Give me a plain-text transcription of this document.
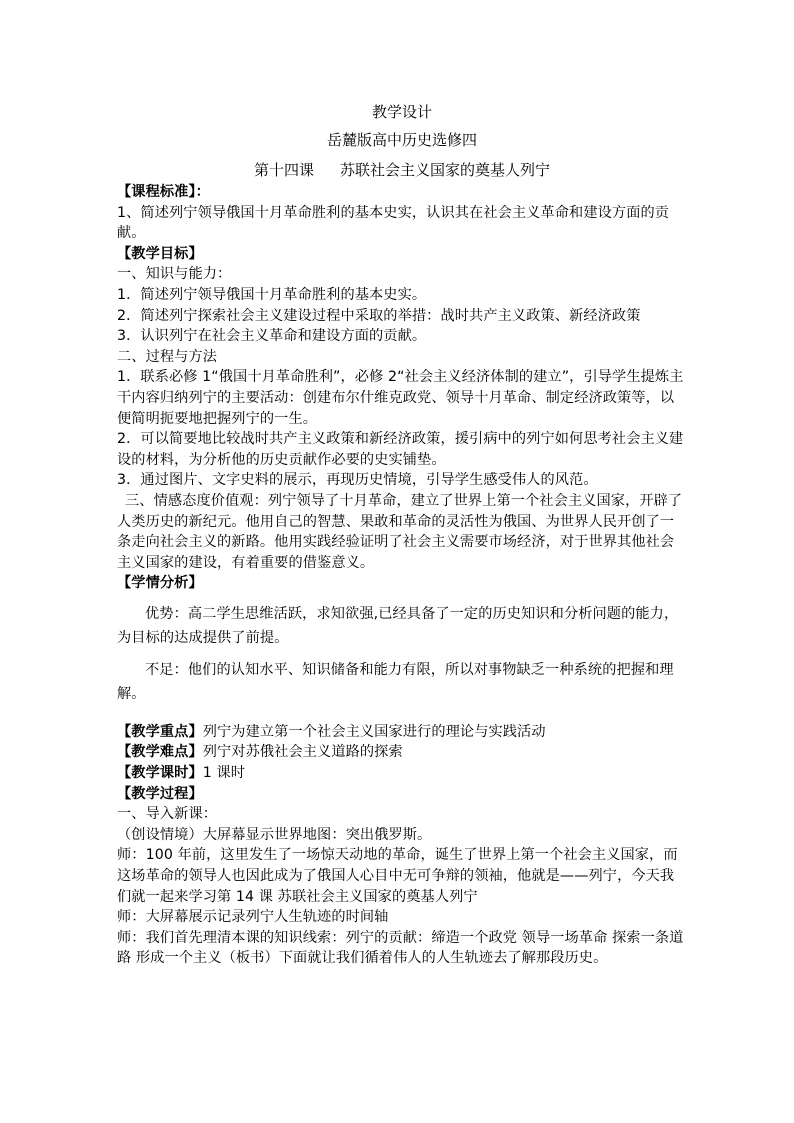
教学设计
岳麓版高中历史选修四
第十四课 苏联社会主义国家的奠基人列宁

【课程标准】：

1、简述列宁领导俄国十月革命胜利的基本史实，认识其在社会主义革命和建设方面的贡献。

【教学目标】

一、知识与能力：

1．简述列宁领导俄国十月革命胜利的基本史实。

2．简述列宁探索社会主义建设过程中采取的举措：战时共产主义政策、新经济政策

3．认识列宁在社会主义革命和建设方面的贡献。

二、过程与方法

1．联系必修 1“俄国十月革命胜利”，必修 2“社会主义经济体制的建立”，引导学生提炼主干内容归纳列宁的主要活动：创建布尔什维克政党、领导十月革命、制定经济政策等，以便简明扼要地把握列宁的一生。

2．可以简要地比较战时共产主义政策和新经济政策，援引病中的列宁如何思考社会主义建设的材料，为分析他的历史贡献作必要的史实铺垫。

3．通过图片、文字史料的展示，再现历史情境，引导学生感受伟人的风范。

三、情感态度价值观：列宁领导了十月革命，建立了世界上第一个社会主义国家，开辟了人类历史的新纪元。他用自己的智慧、果敢和革命的灵活性为俄国、为世界人民开创了一条走向社会主义的新路。他用实践经验证明了社会主义需要市场经济，对于世界其他社会主义国家的建设，有着重要的借鉴意义。

【学情分析】

优势：高二学生思维活跃，求知欲强,已经具备了一定的历史知识和分析问题的能力，为目标的达成提供了前提。

不足：他们的认知水平、知识储备和能力有限，所以对事物缺乏一种系统的把握和理解。

【教学重点】列宁为建立第一个社会主义国家进行的理论与实践活动

【教学难点】列宁对苏俄社会主义道路的探索

【教学课时】1 课时

【教学过程】

一、导入新课：

（创设情境）大屏幕显示世界地图：突出俄罗斯。

师：100 年前，这里发生了一场惊天动地的革命，诞生了世界上第一个社会主义国家，而这场革命的领导人也因此成为了俄国人心目中无可争辩的领袖，他就是——列宁，今天我们就一起来学习第 14 课 苏联社会主义国家的奠基人列宁

师：大屏幕展示记录列宁人生轨迹的时间轴

师：我们首先理清本课的知识线索：列宁的贡献：缔造一个政党 领导一场革命 探索一条道路 形成一个主义（板书）下面就让我们循着伟人的人生轨迹去了解那段历史。
